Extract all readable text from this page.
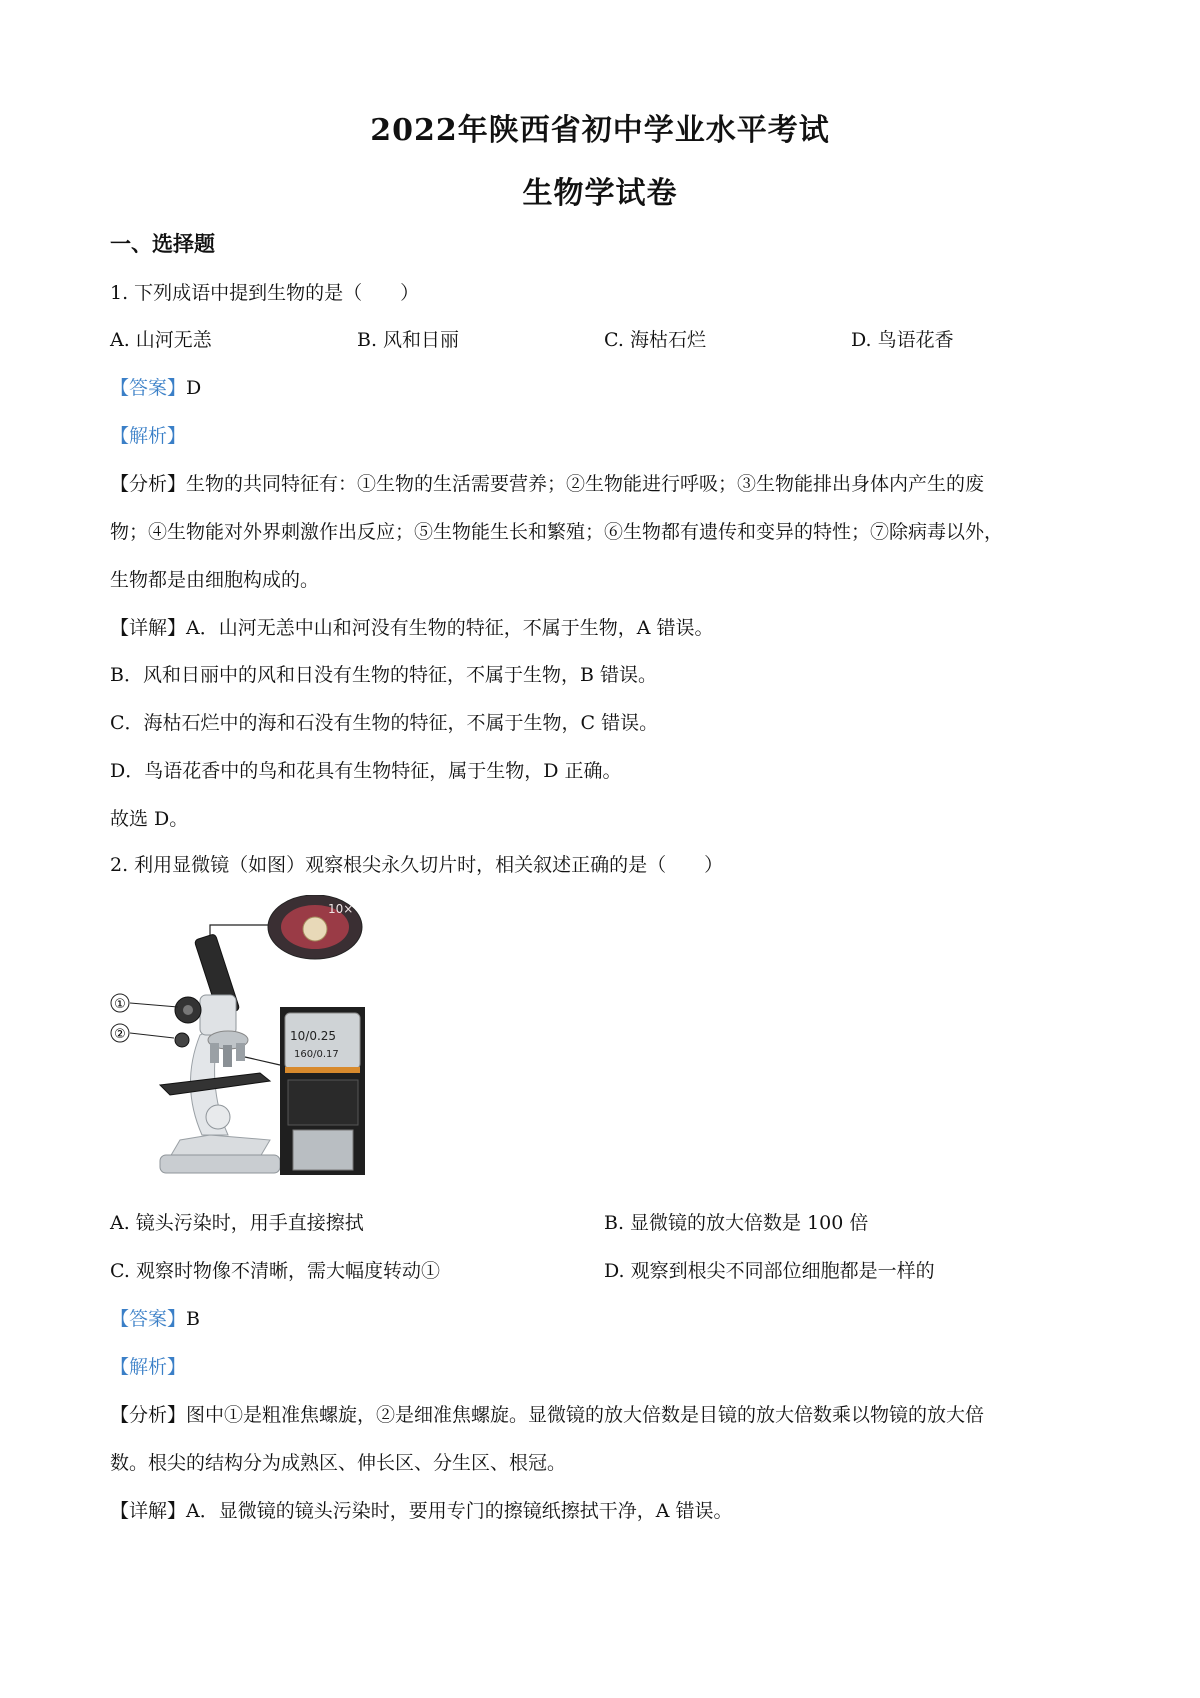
2022年陕西省初中学业水平考试
生物学试卷
一、选择题
1. 下列成语中提到生物的是（　　）
A. 山河无恙	B. 风和日丽	C. 海枯石烂	D. 鸟语花香
【答案】D
【解析】
【分析】生物的共同特征有：①生物的生活需要营养；②生物能进行呼吸；③生物能排出身体内产生的废
物；④生物能对外界刺激作出反应；⑤生物能生长和繁殖；⑥生物都有遗传和变异的特性；⑦除病毒以外，
生物都是由细胞构成的。
【详解】A．山河无恙中山和河没有生物的特征，不属于生物，A 错误。
B．风和日丽中的风和日没有生物的特征，不属于生物，B 错误。
C．海枯石烂中的海和石没有生物的特征，不属于生物，C 错误。
D．鸟语花香中的鸟和花具有生物特征，属于生物，D 正确。
故选 D。
2. 利用显微镜（如图）观察根尖永久切片时，相关叙述正确的是（　　）
①
②
10×
10/0.25
160/0.17
A. 镜头污染时，用手直接擦拭	B. 显微镜的放大倍数是 100 倍
C. 观察时物像不清晰，需大幅度转动①	D. 观察到根尖不同部位细胞都是一样的
【答案】B
【解析】
【分析】图中①是粗准焦螺旋，②是细准焦螺旋。显微镜的放大倍数是目镜的放大倍数乘以物镜的放大倍
数。根尖的结构分为成熟区、伸长区、分生区、根冠。
【详解】A．显微镜的镜头污染时，要用专门的擦镜纸擦拭干净，A 错误。
